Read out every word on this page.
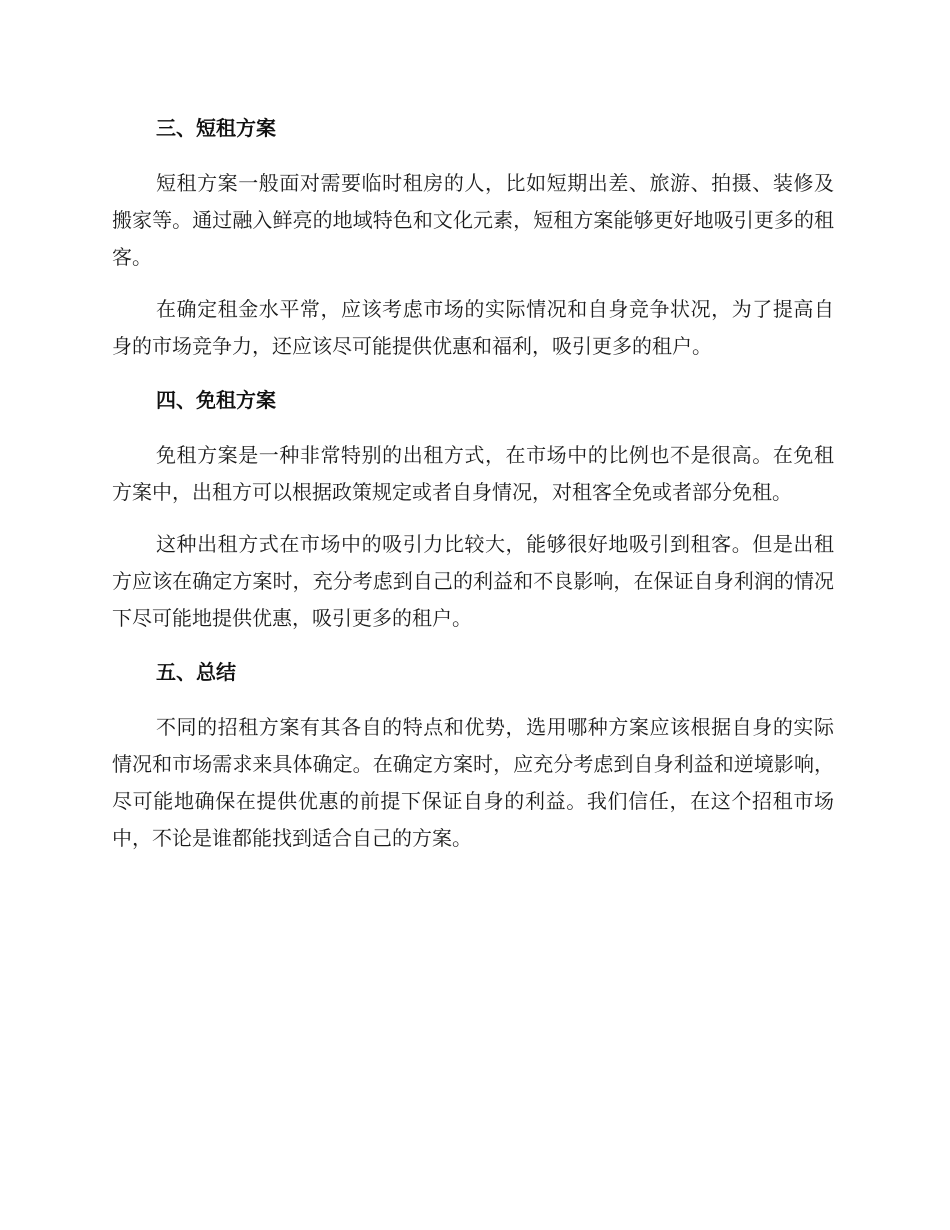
三、短租方案

短租方案一般面对需要临时租房的人，比如短期出差、旅游、拍摄、装修及搬家等。通过融入鲜亮的地域特色和文化元素，短租方案能够更好地吸引更多的租客。

在确定租金水平常，应该考虑市场的实际情况和自身竞争状况，为了提高自身的市场竞争力，还应该尽可能提供优惠和福利，吸引更多的租户。

四、免租方案

免租方案是一种非常特别的出租方式，在市场中的比例也不是很高。在免租方案中，出租方可以根据政策规定或者自身情况，对租客全免或者部分免租。

这种出租方式在市场中的吸引力比较大，能够很好地吸引到租客。但是出租方应该在确定方案时，充分考虑到自己的利益和不良影响，在保证自身利润的情况下尽可能地提供优惠，吸引更多的租户。

五、总结

不同的招租方案有其各自的特点和优势，选用哪种方案应该根据自身的实际情况和市场需求来具体确定。在确定方案时，应充分考虑到自身利益和逆境影响，尽可能地确保在提供优惠的前提下保证自身的利益。我们信任，在这个招租市场中，不论是谁都能找到适合自己的方案。
